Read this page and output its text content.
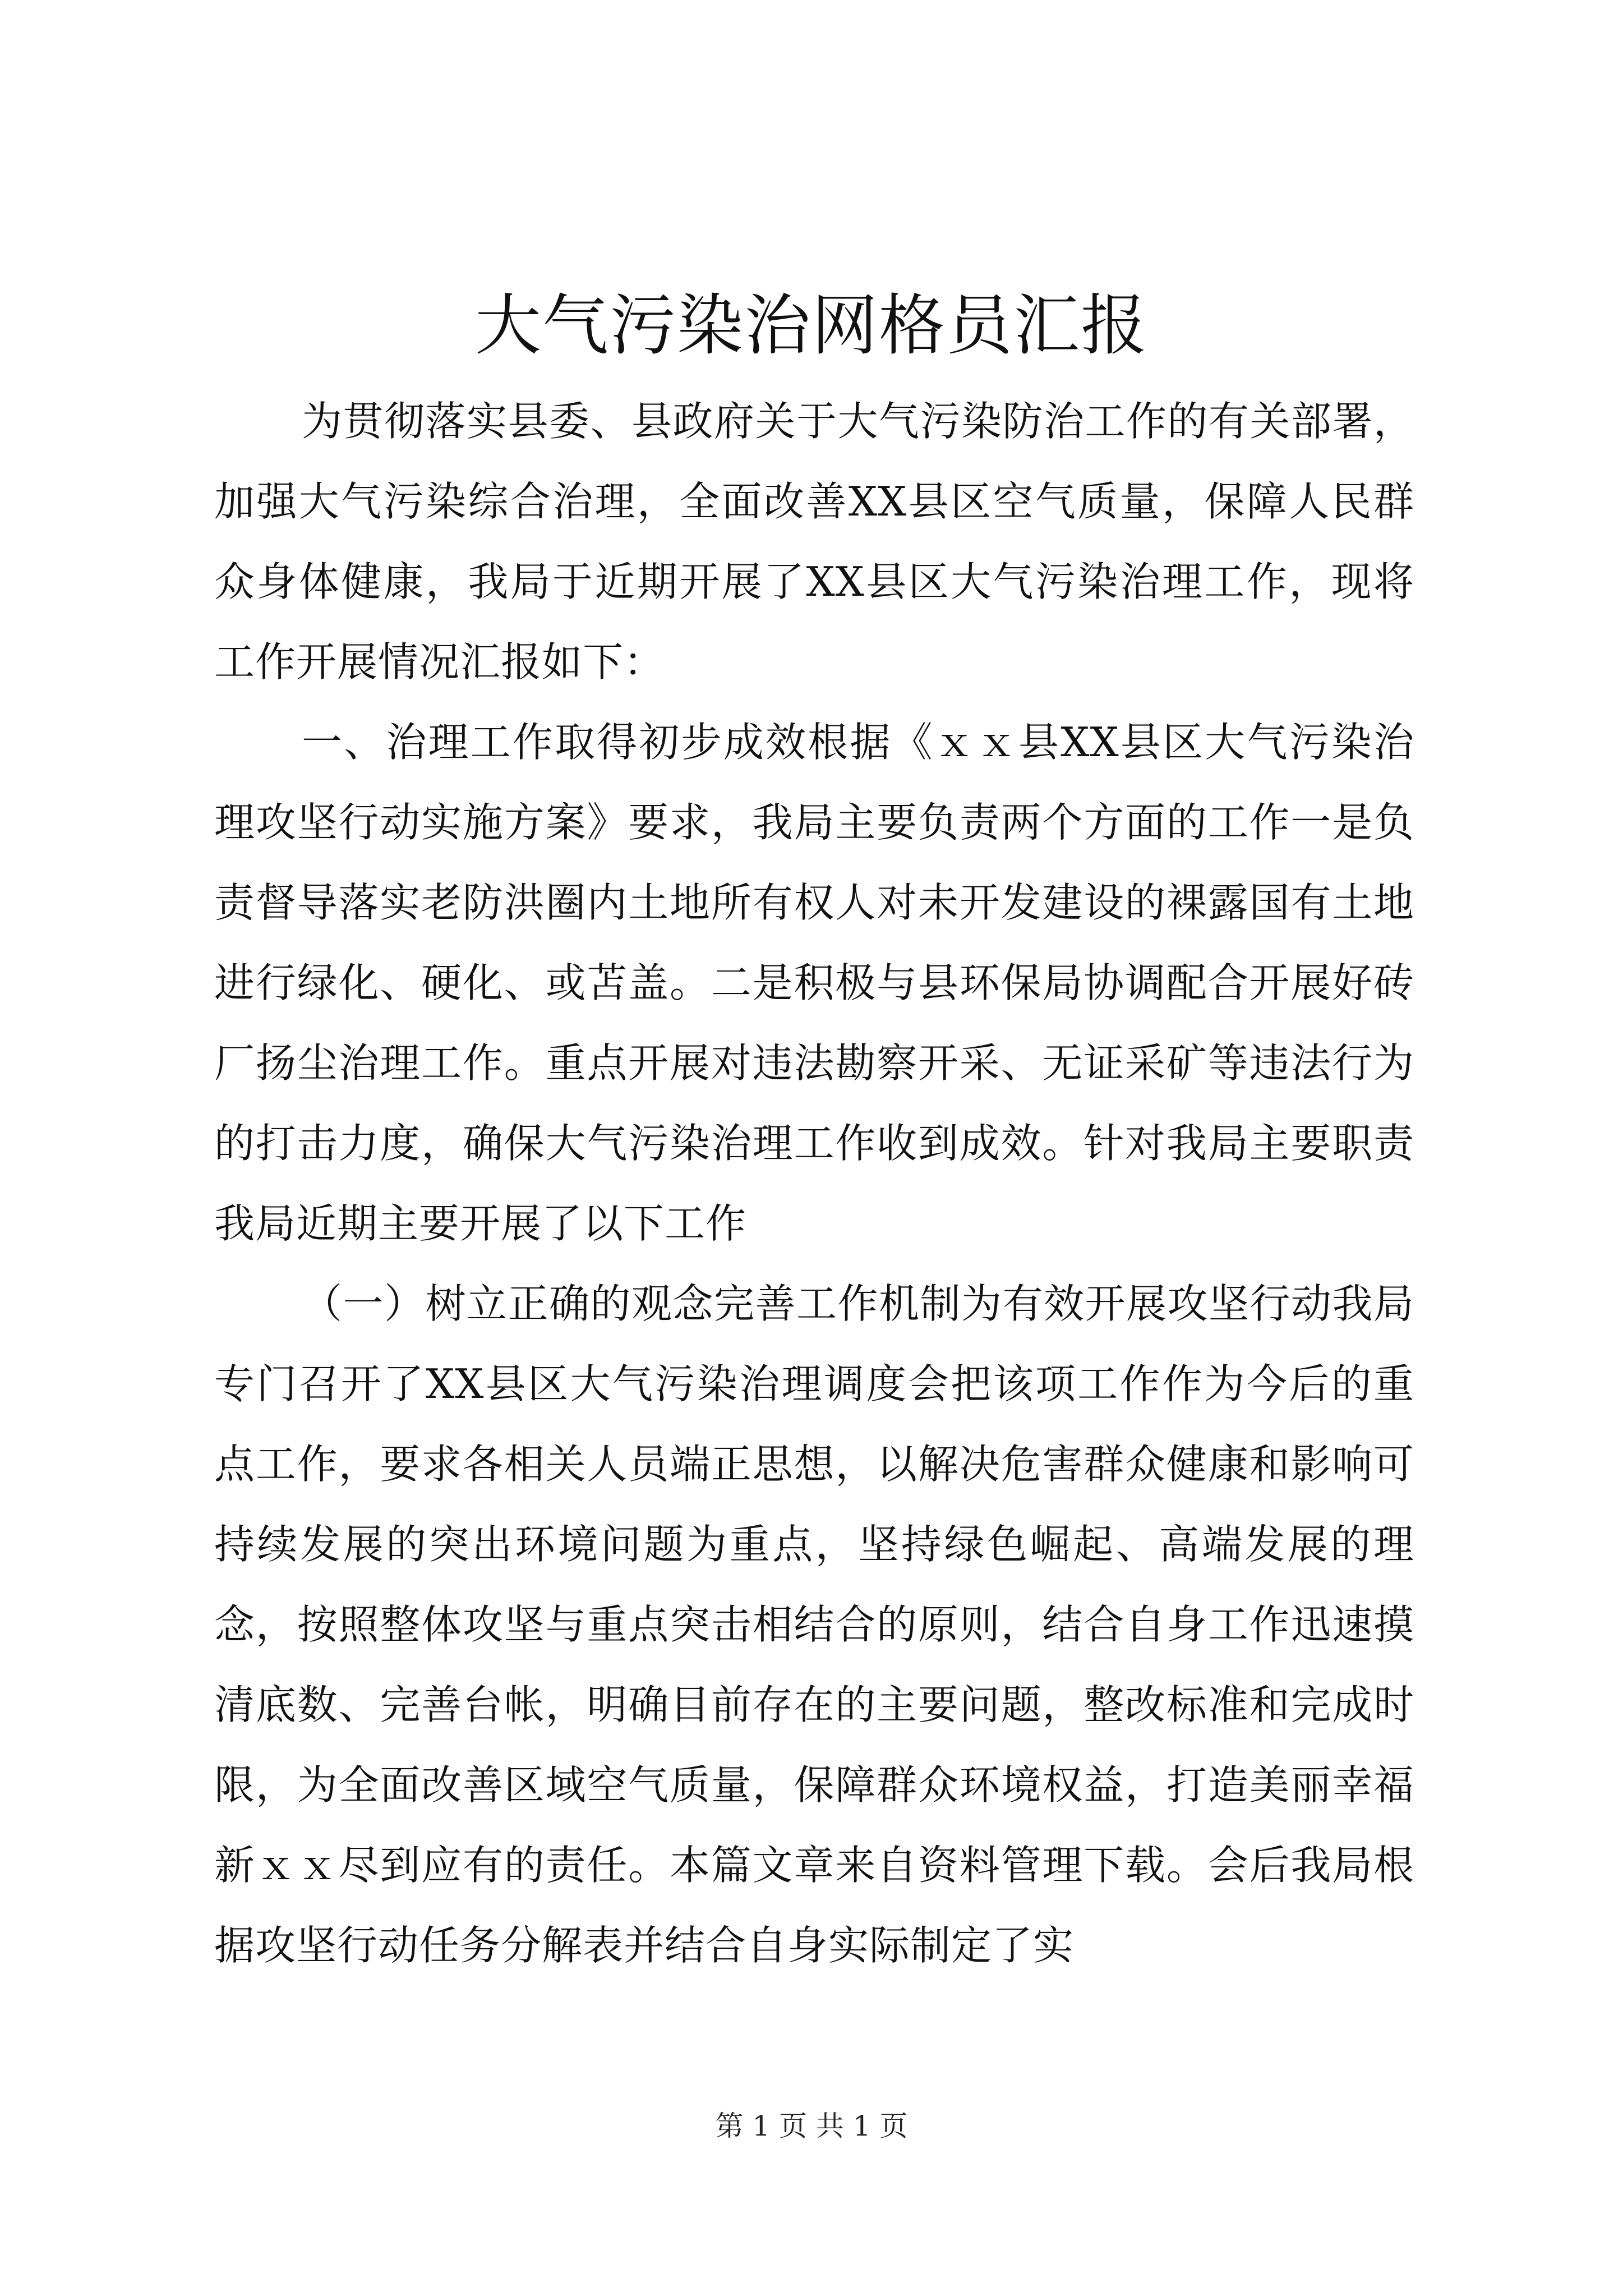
大气污染治网格员汇报

为贯彻落实县委、县政府关于大气污染防治工作的有关部署，加强大气污染综合治理，全面改善XX县区空气质量，保障人民群众身体健康，我局于近期开展了XX县区大气污染治理工作，现将工作开展情况汇报如下：

一、治理工作取得初步成效根据《ｘｘ县XX县区大气污染治理攻坚行动实施方案》要求，我局主要负责两个方面的工作一是负责督导落实老防洪圈内土地所有权人对未开发建设的裸露国有土地进行绿化、硬化、或苫盖。二是积极与县环保局协调配合开展好砖厂扬尘治理工作。重点开展对违法勘察开采、无证采矿等违法行为的打击力度，确保大气污染治理工作收到成效。针对我局主要职责我局近期主要开展了以下工作

（一）树立正确的观念完善工作机制为有效开展攻坚行动我局专门召开了XX县区大气污染治理调度会把该项工作作为今后的重点工作，要求各相关人员端正思想，以解决危害群众健康和影响可持续发展的突出环境问题为重点，坚持绿色崛起、高端发展的理念，按照整体攻坚与重点突击相结合的原则，结合自身工作迅速摸清底数、完善台帐，明确目前存在的主要问题，整改标准和完成时限，为全面改善区域空气质量，保障群众环境权益，打造美丽幸福新ｘｘ尽到应有的责任。本篇文章来自资料管理下载。会后我局根据攻坚行动任务分解表并结合自身实际制定了实

第 1 页 共 1 页
